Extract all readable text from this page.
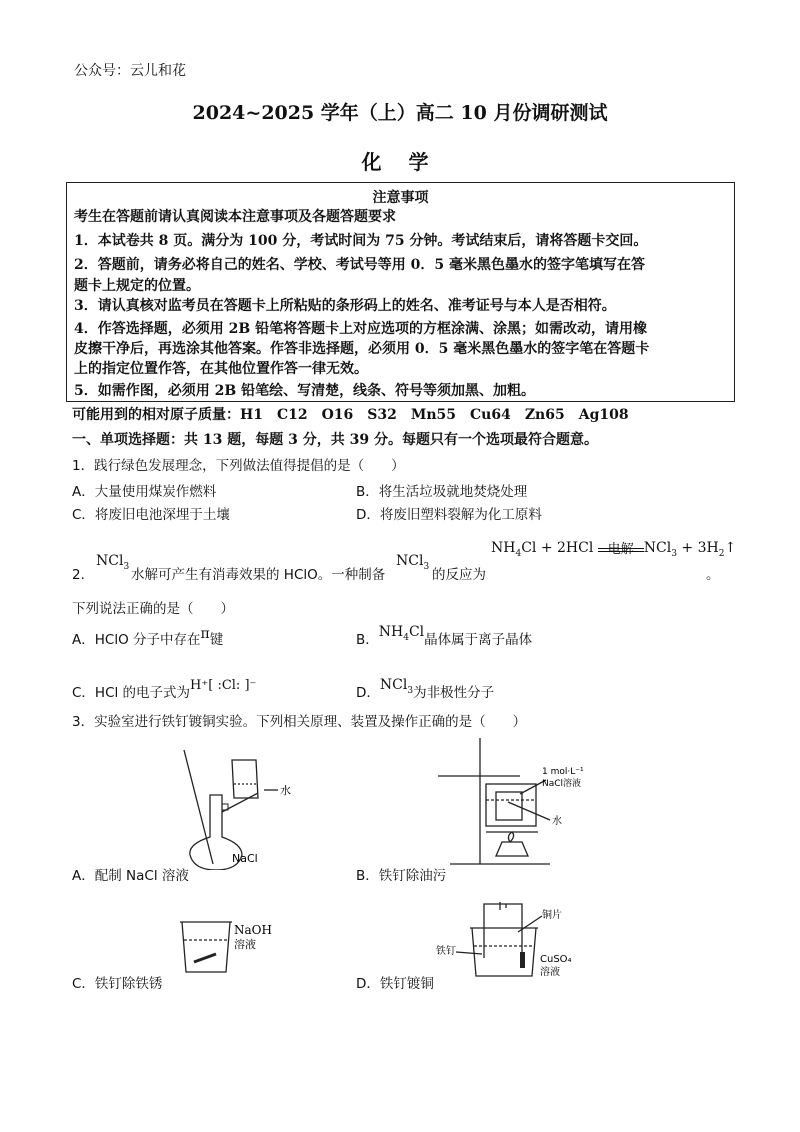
公众号：云儿和花
2024~2025 学年（上）高二 10 月份调研测试
化 学
注意事项
考生在答题前请认真阅读本注意事项及各题答题要求
1．本试卷共 8 页。满分为 100 分，考试时间为 75 分钟。考试结束后，请将答题卡交回。
2．答题前，请务必将自己的姓名、学校、考试号等用 0．5 毫米黑色墨水的签字笔填写在答
题卡上规定的位置。
3．请认真核对监考员在答题卡上所粘贴的条形码上的姓名、准考证号与本人是否相符。
4．作答选择题，必须用 2B 铅笔将答题卡上对应选项的方框涂满、涂黑；如需改动，请用橡
皮擦干净后，再选涂其他答案。作答非选择题，必须用 0．5 毫米黑色墨水的签字笔在答题卡
上的指定位置作答，在其他位置作答一律无效。
5．如需作图，必须用 2B 铅笔绘、写清楚，线条、符号等须加黑、加粗。
可能用到的相对原子质量：H1　C12　O16　S32　Mn55　Cu64　Zn65　Ag108
一、单项选择题：共 13 题，每题 3 分，共 39 分。每题只有一个选项最符合题意。
1．践行绿色发展理念，下列做法值得提倡的是（　　）
A．大量使用煤炭作燃料	B．将生活垃圾就地焚烧处理
C．将废旧电池深埋于土壤	D．将废旧塑料裂解为化工原料
2．
NCl$_3$
水解可产生有消毒效果的 HClO。一种制备
NCl$_3$
的反应为
$NH_4Cl + 2HCl$	电解 $NCl_3 + 3H_2↑$
。
下列说法正确的是（　　）
A．HClO 分子中存在π键	B．$NH_4Cl$晶体属于离子晶体
C．HCl 的电子式为H⁺[ :Cl: ]⁻	D．NCl$_3$为非极性分子
3．实验室进行铁钉镀铜实验。下列相关原理、装置及操作正确的是（　　）
水
NaCl
A．配制 NaCl 溶液
1 mol·L⁻¹
NaCl溶液
水
B．铁钉除油污
NaOH
溶液
C．铁钉除铁锈
铜片
铁钉
CuSO₄
溶液
D．铁钉镀铜
